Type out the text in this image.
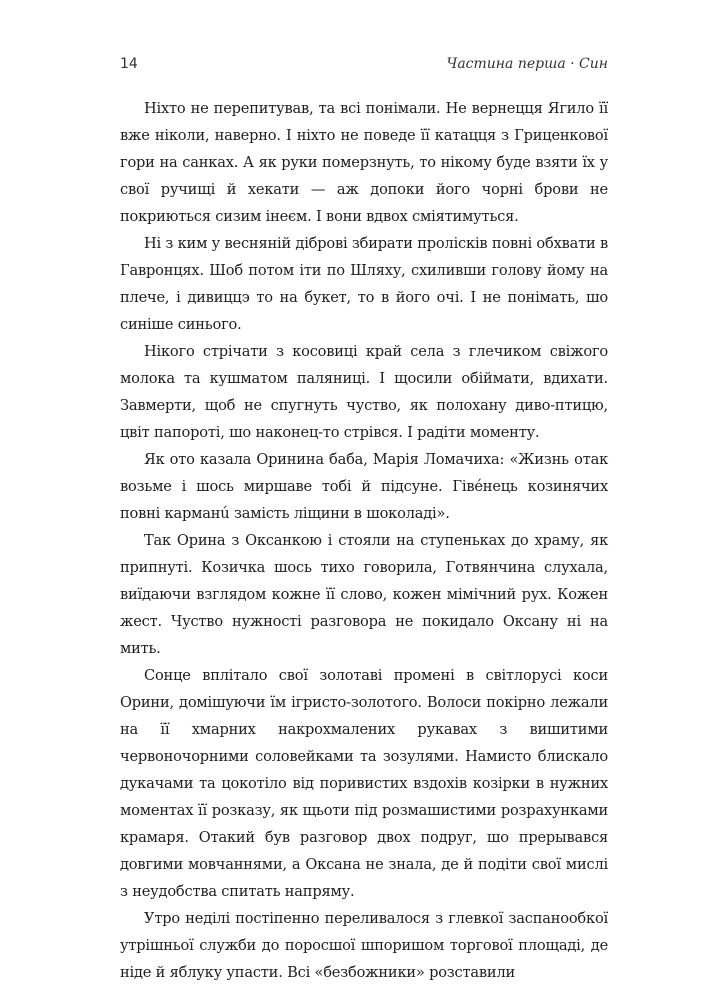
14	Частина перша · Син

Ніхто не перепитував, та всі понімали. Не вернецця Ягило її вже ніколи, наверно. І ніхто не поведе її катацця з Гриценкової гори на санках. А як руки померзнуть, то нікому буде взяти їх у свої ручищі й хекати — аж допоки його чорні брови не покриються сизим інеєм. І вони вдвох сміятимуться.

Ні з ким у весняній діброві збирати пролісків повні обхвати в Гавронцях. Шоб потом іти по Шляху, схиливши голову йому на плече, і дивиццэ то на букет, то в його очі. І не понімать, шо синіше синього.

Нікого стрічати з косовиці край села з глечиком свіжого молока та кушматом паляниці. І щосили обіймати, вдихати. Завмерти, щоб не спугнуть чуство, як полохану диво-птицю, цвіт папороті, шо наконец-то стрівся. І радіти моменту.

Як ото казала Оринина баба, Марія Ломачиха: «Жизнь отак возьме і шось миршаве тобі й підсуне. Гівéнець козинячих повні карманú замість ліщини в шоколаді».

Так Орина з Оксанкою і стояли на ступеньках до храму, як припнуті. Козичка шось тихо говорила, Готвянчина слухала, виїдаючи взглядом кожне її слово, кожен мімічний рух. Кожен жест. Чуство нужності разговора не покидало Оксану ні на мить.

Сонце вплітало свої золотаві промені в світлорусі коси Орини, домішуючи їм ігристо-золотого. Волоси покірно лежали на її хмарних накрохмалених рукавах з вишитими червоночорними соловейками та зозулями. Намисто блискало дукачами та цокотіло від поривистих вздохів козірки в нужних моментах її розказу, як щьоти під розмашистими розрахунками крамаря. Отакий був разговор двох подруг, шо прерывався довгими мовчаннями, а Оксана не знала, де й подіти свої мислі з неудобства спитать напряму.

Утро неділі постіпенно переливалося з глевкої заспанообкої утрішньої служби до поросшої шпоришом торгової площаді, де ніде й яблуку упасти. Всі «безбожники» розставили
